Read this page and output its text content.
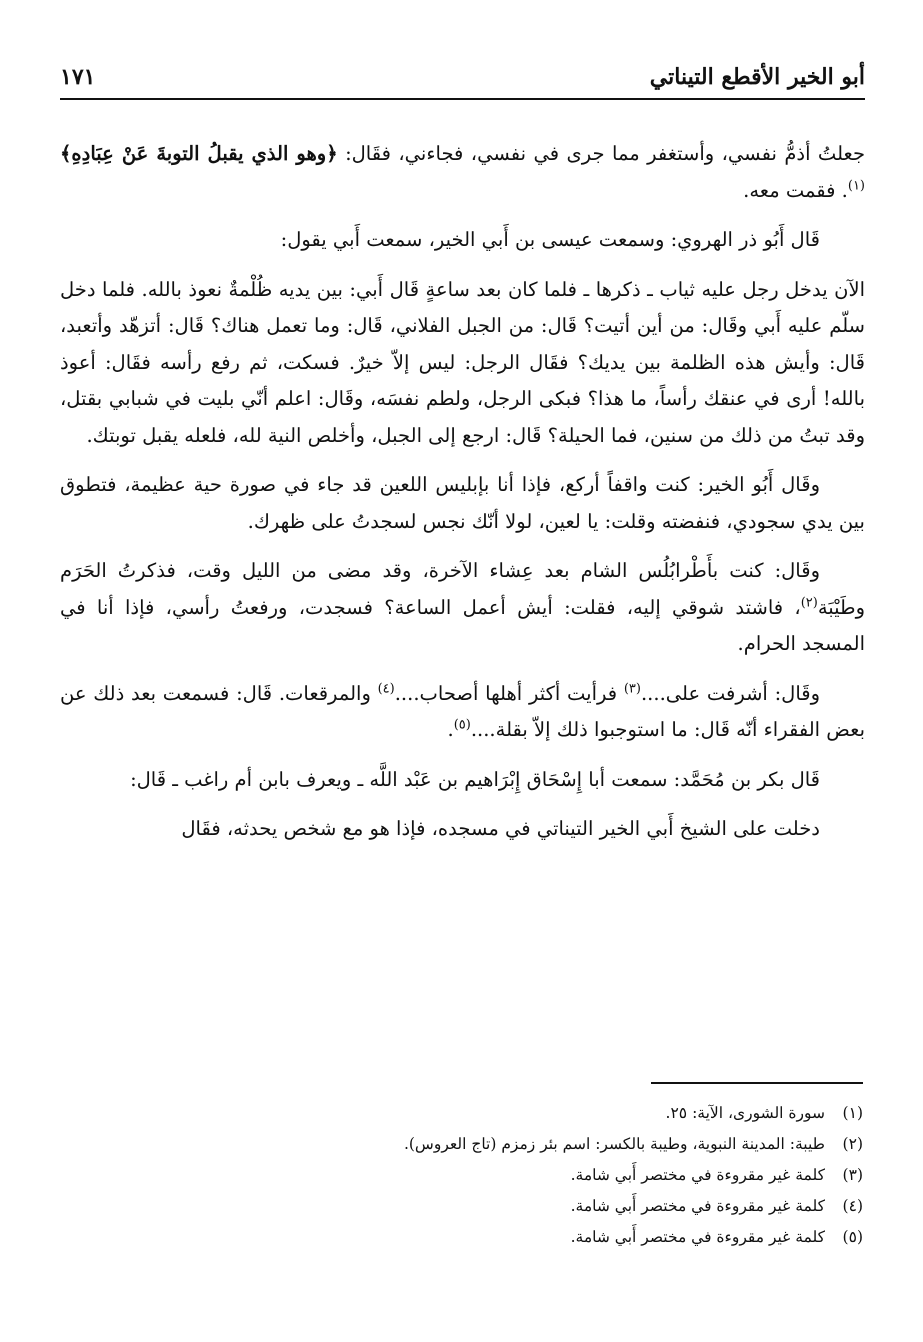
أبو الخير الأقطع التيناتي
١٧١

جعلتُ أذمُّ نفسي، وأستغفر مما جرى في نفسي، فجاءني، فقَال: ﴿وهو الذي يقبلُ التوبةَ عَنْ عِبَادِهِ﴾$^{(١)}$. فقمت معه.

قَال أَبُو ذر الهروي: وسمعت عيسى بن أَبي الخير، سمعت أَبي يقول:

الآن يدخل رجل عليه ثياب ـ ذكرها ـ فلما كان بعد ساعةٍ قَال أَبي: بين يديه ظُلْمةٌ نعوذ بالله. فلما دخل سلّم عليه أَبي وقَال: من أين أتيت؟ قَال: من الجبل الفلاني، قَال: وما تعمل هناك؟ قَال: أتزهّد وأتعبد، قَال: وأيش هذه الظلمة بين يديك؟ فقَال الرجل: ليس إلاّ خيرٌ. فسكت، ثم رفع رأسه فقَال: أعوذ بالله! أرى في عنقك رأساً، ما هذا؟ فبكى الرجل، ولطم نفسَه، وقَال: اعلم أنّي بليت في شبابي بقتل، وقد تبتُ من ذلك من سنين، فما الحيلة؟ قَال: ارجع إلى الجبل، وأخلص النية لله، فلعله يقبل توبتك.

وقَال أَبُو الخير: كنت واقفاً أركع، فإذا أنا بإبليس اللعين قد جاء في صورة حية عظيمة، فتطوق بين يدي سجودي، فنفضته وقلت: يا لعين، لولا أنّك نجس لسجدتُ على ظهرك.

وقَال: كنت بأَطْرابُلُس الشام بعد عِشاء الآخرة، وقد مضى من الليل وقت، فذكرتُ الحَرَم وطَيْبَة$^{(٢)}$، فاشتد شوقي إليه، فقلت: أيش أعمل الساعة؟ فسجدت، ورفعتُ رأسي، فإذا أنا في المسجد الحرام.

وقَال: أشرفت على....$^{(٣)}$ فرأيت أكثر أهلها أصحاب....$^{(٤)}$ والمرقعات. قَال: فسمعت بعد ذلك عن بعض الفقراء أنّه قَال: ما استوجبوا ذلك إلاّ بقلة....$^{(٥)}$.

قَال بكر بن مُحَمَّد: سمعت أبا إِسْحَاق إِبْرَاهيم بن عَبْد اللَّه ـ ويعرف بابن أم راغب ـ قَال:

دخلت على الشيخ أَبي الخير التيناتي في مسجده، فإذا هو مع شخص يحدثه، فقَال

(١)
سورة الشورى، الآية: ٢٥.
(٢)
طيبة: المدينة النبوية، وطيبة بالكسر: اسم بئر زمزم (تاج العروس).
(٣)
كلمة غير مقروءة في مختصر أَبي شامة.
(٤)
كلمة غير مقروءة في مختصر أَبي شامة.
(٥)
كلمة غير مقروءة في مختصر أَبي شامة.
